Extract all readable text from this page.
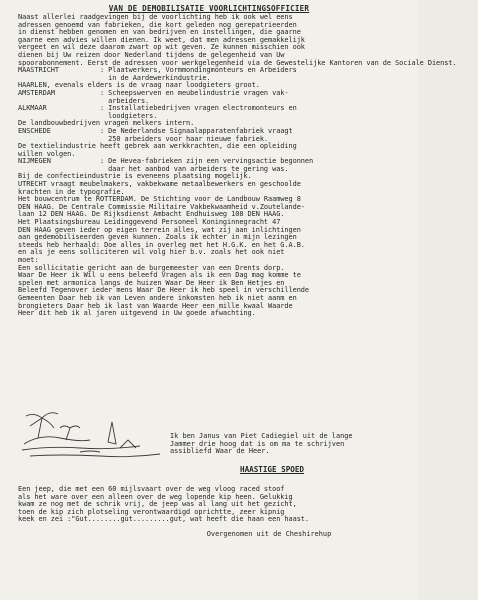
VAN DE DEMOBILISATIE VOORLICHTINGSOFFICIER
Naast allerlei raadgevingen bij de voorlichting heb ik ook wel eens
adressen genoemd van fabrieken, die kort geleden nog gerepatrieerden
in dienst hebben genomen en van bedrijven en instellingen, die gaarne
gaarne een advies willen dienen. Ik weet, dat men adressen gemakkelijk
vergeet en wil deze daarom zwart op wit geven. Ze kunnen misschien ook
dienen bij Uw reizen door Nederland tijdens de gelegenheid van Uw
spoorabonnement. Eerst de adressen voor werkgelegenheid via de Gewestelijke Kantoren van de Sociale Dienst.
MAASTRICHT          : Plaatwerkers, Vormmondingmonteurs en Arbeiders
in de Aardewerkindustrie.
HAARLEN, evenals elders is de vraag naar loodgieters groot.
AMSTERDAM           : Scheepswerven en meubelindustrie vragen vak-
arbeiders.
ALKMAAR             : Installatiebedrijven vragen electromonteurs en
loodgieters.
De landbouwbedrijven vragen melkers intern.
ENSCHEDE            : De Nederlandse Signaalapparatenfabriek vraagt
250 arbeiders voor haar nieuwe fabriek.
De textielindustrie heeft gebrek aan werkkrachten, die een opleiding
willen volgen.
NIJMEGEN            : De Hevea-fabrieken zijn een vervingsactie begonnen
daar het aanbod van arbeiders te gering was.
Bij de confectieindustrie is eveneens plaatsing mogelijk.
UTRECHT vraagt meubelmakers, vakbekwame metaalbewerkers en geschoolde
krachten in de typografie.
Het bouwcentrum te ROTTERDAM. De Stichting voor de Landbouw Raamweg 8
DEN HAAG. De Centrale Commissie Militaire Vakbekwaamheid v.Zoutelande-
laan 12 DEN HAAG. De Rijksdienst Ambacht Endhuisweg 108 DEN HAAG.
Het Plaatsingsbureau Leidinggevend Personeel Koninginnegracht 47
DEN HAAG geven ieder op eigen terrein alles, wat zij aan inlichtingen
aan gedemobiliseerden geven kunnen. Zoals ik echter in mijn lezingen
steeds heb herhaald: Doe alles in overleg met het H.G.K. en het G.A.B.
en als je eens solliciteren wil volg hier b.v. zoals het ook niet
moet:
Een sollicitatie gericht aan de burgemeester van een Drents dorp.
Waar De Heer ik Wil u eens beleefd Vragen als ik een Dag mag komme te
spelen met armonica langs de huizen Waar De Heer ik Ben Hetjes en
Beleefd Tegenover ieder mens Waar De Heer ik heb speel in verschillende
Gemeenten Daar heb ik van Leven andere inkomsten heb ik niet aanm en
brongieters Daar heb ik last van Waarde Heer een mille kwaal Waarde
Heer dit heb ik al jaren uitgevend in Uw goede afwachting.
Ik ben Janus van Piet Cadiegiel uit de lange
Jammer drie hoog dat is om ma te schrijven
assibliefd Waar de Heer.
HAASTIGE SPOED
Een jeep, die met een 60 mijlsvaart over de weg vloog raced stoof
als het ware over een alleen over de weg lopende kip heen. Gelukkig
kwam ze nog met de schrik vrij, de jeep was al lang uit het gezicht,
toen de kip zich plotseling verontwaardigd oprichtte, zeer kipnig
keek en zei :"Gut........gut.........gut, wat heeft die haan een haast.
Overgenomen uit de Cheshirehup
